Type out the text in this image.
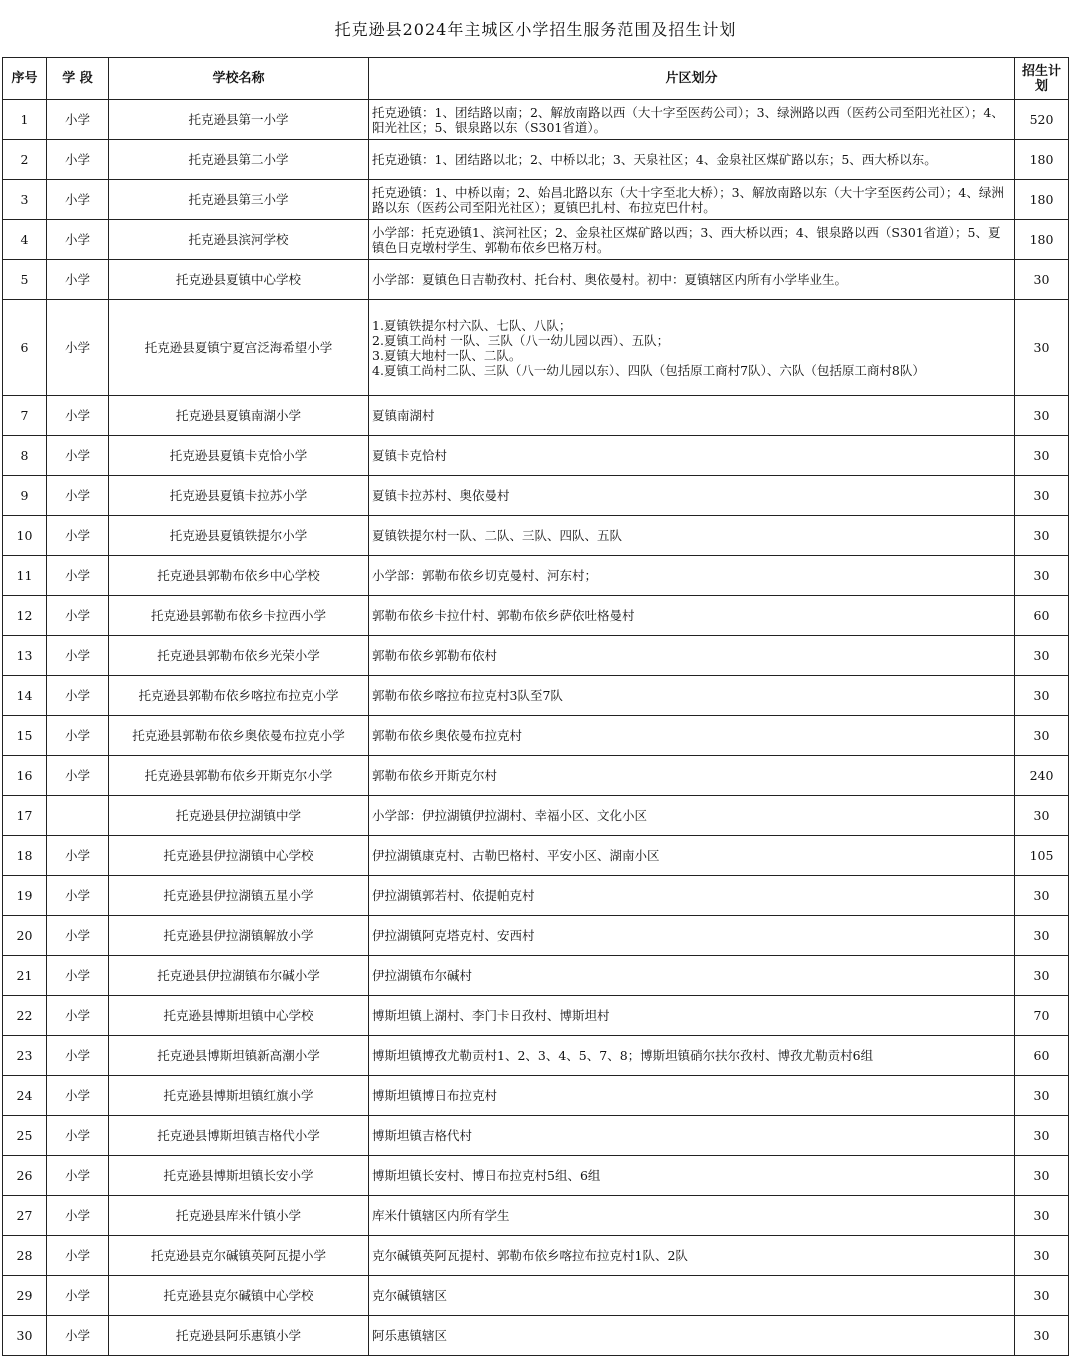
托克逊县2024年主城区小学招生服务范围及招生计划
序号	学 段	学校名称	片区划分	招生计划
1	小学	托克逊县第一小学	托克逊镇：1、团结路以南；2、解放南路以西（大十字至医药公司）；3、绿洲路以西（医药公司至阳光社区）；4、阳光社区；5、银泉路以东（S301省道）。	520
2	小学	托克逊县第二小学	托克逊镇：1、团结路以北；2、中桥以北；3、天泉社区；4、金泉社区煤矿路以东；5、西大桥以东。	180
3	小学	托克逊县第三小学	托克逊镇：1、中桥以南；2、始昌北路以东（大十字至北大桥）；3、解放南路以东（大十字至医药公司）；4、绿洲路以东（医药公司至阳光社区）；夏镇巴扎村、布拉克巴什村。	180
4	小学	托克逊县滨河学校	小学部：托克逊镇1、滨河社区；2、金泉社区煤矿路以西；3、西大桥以西；4、银泉路以西（S301省道）；5、夏镇色日克墩村学生、郭勒布依乡巴格万村。	180
5	小学	托克逊县夏镇中心学校	小学部：夏镇色日吉勒孜村、托台村、奥依曼村。初中：夏镇辖区内所有小学毕业生。	30
6	小学	托克逊县夏镇宁夏宫泛海希望小学	1.夏镇铁提尔村六队、七队、八队；
2.夏镇工尚村 一队、三队（八一幼儿园以西）、五队；
3.夏镇大地村一队、二队。
4.夏镇工尚村二队、三队（八一幼儿园以东）、四队（包括原工商村7队）、六队（包括原工商村8队）	30
7	小学	托克逊县夏镇南湖小学	夏镇南湖村	30
8	小学	托克逊县夏镇卡克恰小学	夏镇卡克恰村	30
9	小学	托克逊县夏镇卡拉苏小学	夏镇卡拉苏村、奥依曼村	30
10	小学	托克逊县夏镇铁提尔小学	夏镇铁提尔村一队、二队、三队、四队、五队	30
11	小学	托克逊县郭勒布依乡中心学校	小学部：郭勒布依乡切克曼村、河东村；	30
12	小学	托克逊县郭勒布依乡卡拉西小学	郭勒布依乡卡拉什村、郭勒布依乡萨依吐格曼村	60
13	小学	托克逊县郭勒布依乡光荣小学	郭勒布依乡郭勒布依村	30
14	小学	托克逊县郭勒布依乡喀拉布拉克小学	郭勒布依乡喀拉布拉克村3队至7队	30
15	小学	托克逊县郭勒布依乡奥依曼布拉克小学	郭勒布依乡奥依曼布拉克村	30
16	小学	托克逊县郭勒布依乡开斯克尔小学	郭勒布依乡开斯克尔村	240
17		托克逊县伊拉湖镇中学	小学部：伊拉湖镇伊拉湖村、幸福小区、文化小区	30
18	小学	托克逊县伊拉湖镇中心学校	伊拉湖镇康克村、古勒巴格村、平安小区、湖南小区	105
19	小学	托克逊县伊拉湖镇五星小学	伊拉湖镇郭若村、依提帕克村	30
20	小学	托克逊县伊拉湖镇解放小学	伊拉湖镇阿克塔克村、安西村	30
21	小学	托克逊县伊拉湖镇布尔碱小学	伊拉湖镇布尔碱村	30
22	小学	托克逊县博斯坦镇中心学校	博斯坦镇上湖村、李门卡日孜村、博斯坦村	70
23	小学	托克逊县博斯坦镇新高潮小学	博斯坦镇博孜尤勒贡村1、2、3、4、5、7、8；博斯坦镇硝尔扶尔孜村、博孜尤勒贡村6组	60
24	小学	托克逊县博斯坦镇红旗小学	博斯坦镇博日布拉克村	30
25	小学	托克逊县博斯坦镇吉格代小学	博斯坦镇吉格代村	30
26	小学	托克逊县博斯坦镇长安小学	博斯坦镇长安村、博日布拉克村5组、6组	30
27	小学	托克逊县库米什镇小学	库米什镇辖区内所有学生	30
28	小学	托克逊县克尔碱镇英阿瓦提小学	克尔碱镇英阿瓦提村、郭勒布依乡喀拉布拉克村1队、2队	30
29	小学	托克逊县克尔碱镇中心学校	克尔碱镇辖区	30
30	小学	托克逊县阿乐惠镇小学	阿乐惠镇辖区	30
